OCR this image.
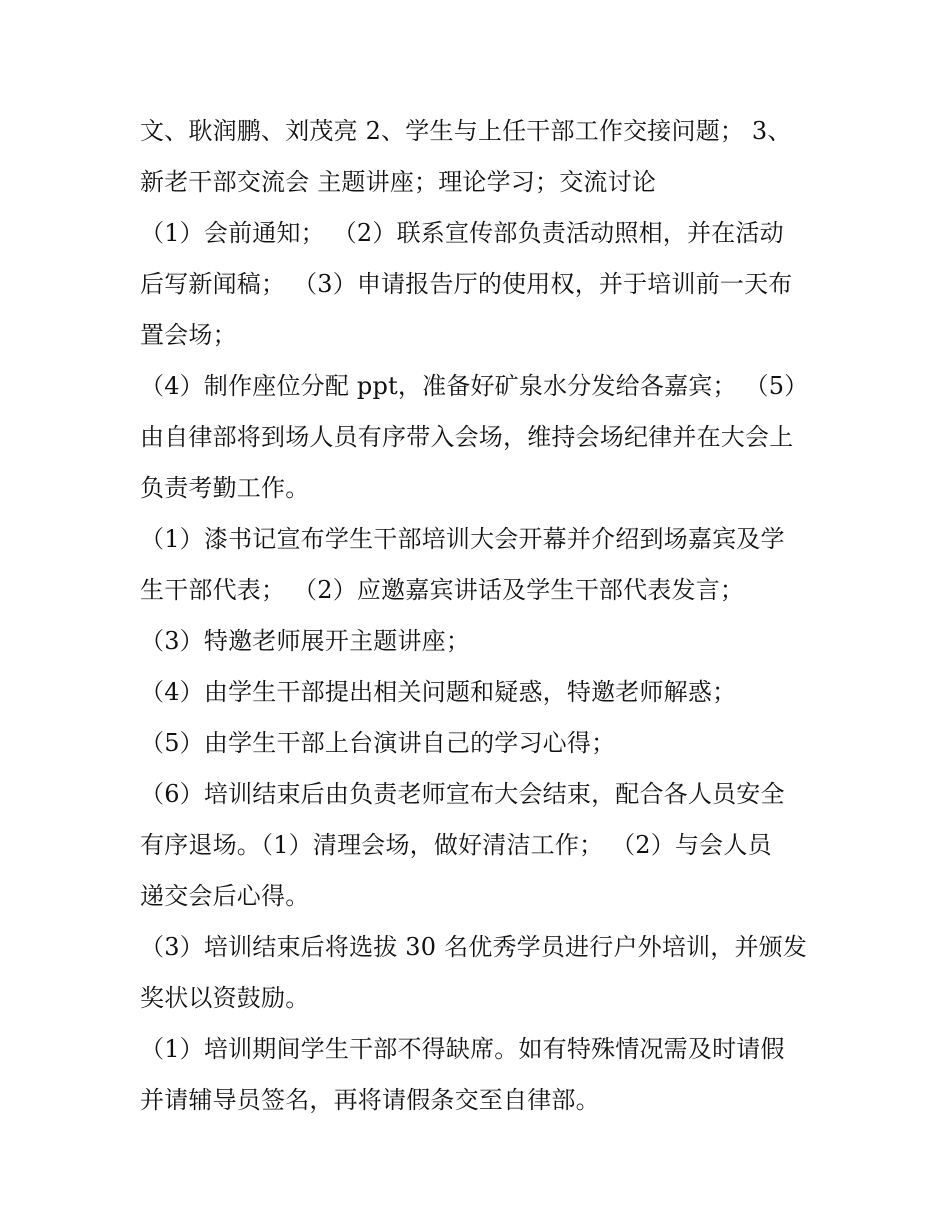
文、耿润鹏、刘茂亮 2、学生与上任干部工作交接问题； 3、
新老干部交流会 主题讲座；理论学习；交流讨论
（1）会前通知； （2）联系宣传部负责活动照相，并在活动
后写新闻稿； （3）申请报告厅的使用权，并于培训前一天布
置会场；
（4）制作座位分配 ppt，准备好矿泉水分发给各嘉宾； （5）
由自律部将到场人员有序带入会场，维持会场纪律并在大会上
负责考勤工作。
（1）漆书记宣布学生干部培训大会开幕并介绍到场嘉宾及学
生干部代表； （2）应邀嘉宾讲话及学生干部代表发言；
（3）特邀老师展开主题讲座；
（4）由学生干部提出相关问题和疑惑，特邀老师解惑；
（5）由学生干部上台演讲自己的学习心得；
（6）培训结束后由负责老师宣布大会结束，配合各人员安全
有序退场。（1）清理会场，做好清洁工作； （2）与会人员
递交会后心得。
（3）培训结束后将选拔 30 名优秀学员进行户外培训，并颁发
奖状以资鼓励。
（1）培训期间学生干部不得缺席。如有特殊情况需及时请假
并请辅导员签名，再将请假条交至自律部。
